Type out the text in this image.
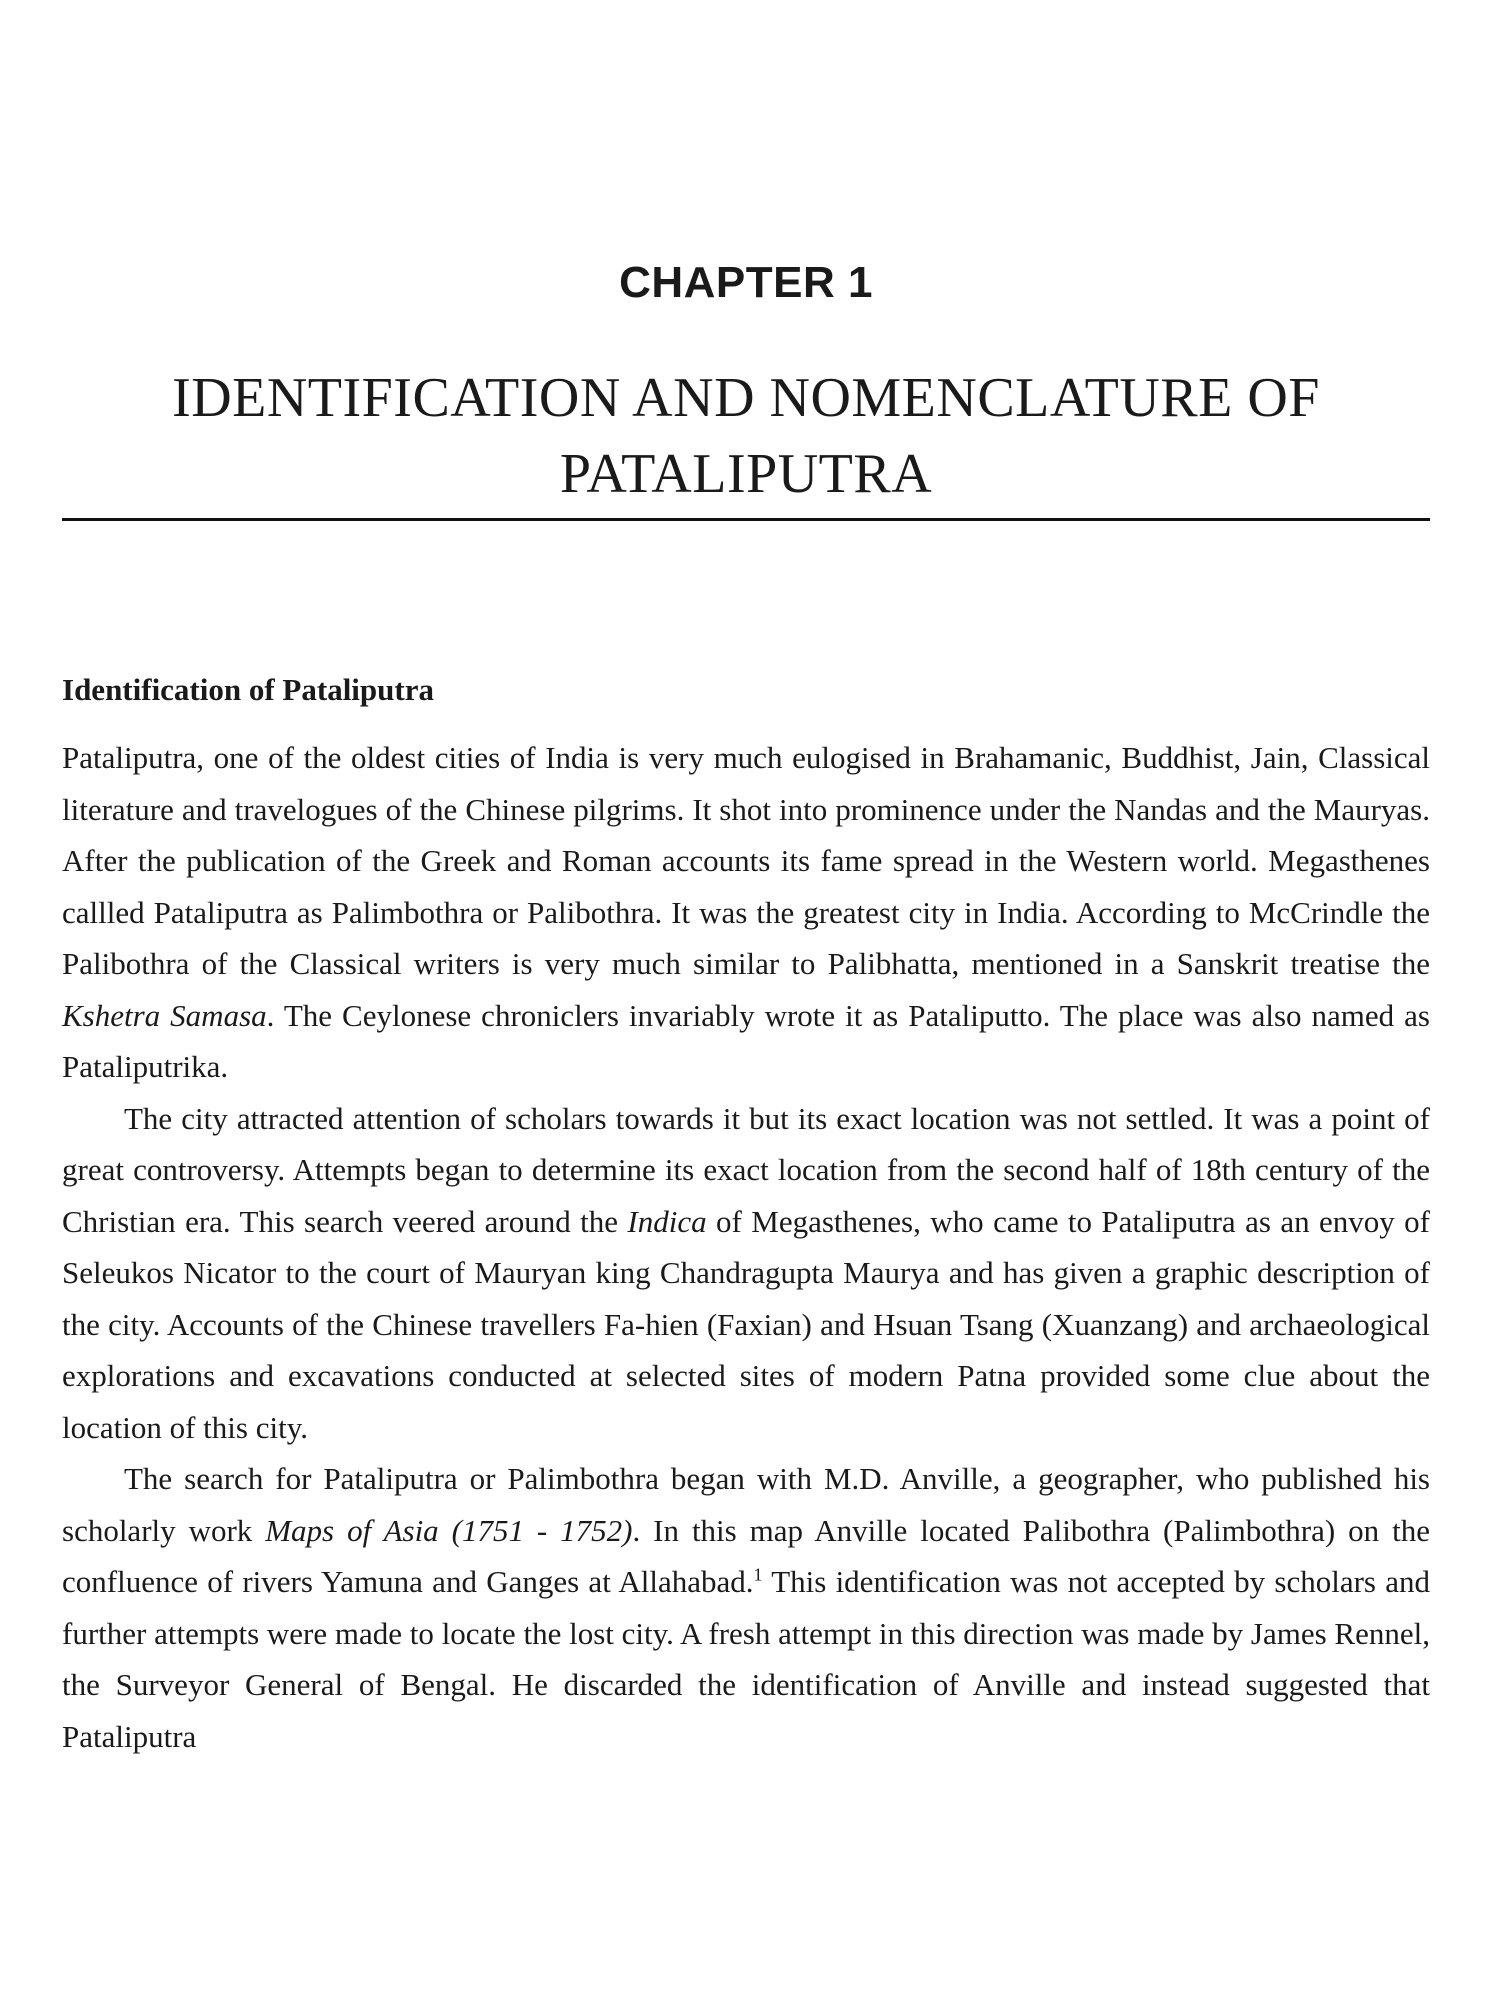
CHAPTER 1
IDENTIFICATION AND NOMENCLATURE OF
PATALIPUTRA
Identification of Pataliputra

Pataliputra, one of the oldest cities of India is very much eulogised in Brahamanic, Buddhist, Jain, Classical literature and travelogues of the Chinese pilgrims. It shot into prominence under the Nandas and the Mauryas. After the publication of the Greek and Roman accounts its fame spread in the Western world. Megasthenes callled Pataliputra as Palimbothra or Palibothra. It was the greatest city in India. According to McCrindle the Palibothra of the Classical writers is very much similar to Palibhatta, mentioned in a Sanskrit treatise the Kshetra Samasa. The Ceylonese chroniclers invariably wrote it as Pataliputto. The place was also named as Pataliputrika.

The city attracted attention of scholars towards it but its exact location was not settled. It was a point of great controversy. Attempts began to determine its exact location from the second half of 18th century of the Christian era. This search veered around the Indica of Megasthenes, who came to Pataliputra as an envoy of Seleukos Nicator to the court of Mauryan king Chandragupta Maurya and has given a graphic description of the city. Accounts of the Chinese travellers Fa-hien (Faxian) and Hsuan Tsang (Xuanzang) and archaeological explorations and excavations conducted at selected sites of modern Patna provided some clue about the location of this city.

The search for Pataliputra or Palimbothra began with M.D. Anville, a geographer, who published his scholarly work Maps of Asia (1751 - 1752). In this map Anville located Palibothra (Palimbothra) on the confluence of rivers Yamuna and Ganges at Allahabad.$^1$ This identification was not accepted by scholars and further attempts were made to locate the lost city. A fresh attempt in this direction was made by James Rennel, the Surveyor General of Bengal. He discarded the identification of Anville and instead suggested that Pataliputra
